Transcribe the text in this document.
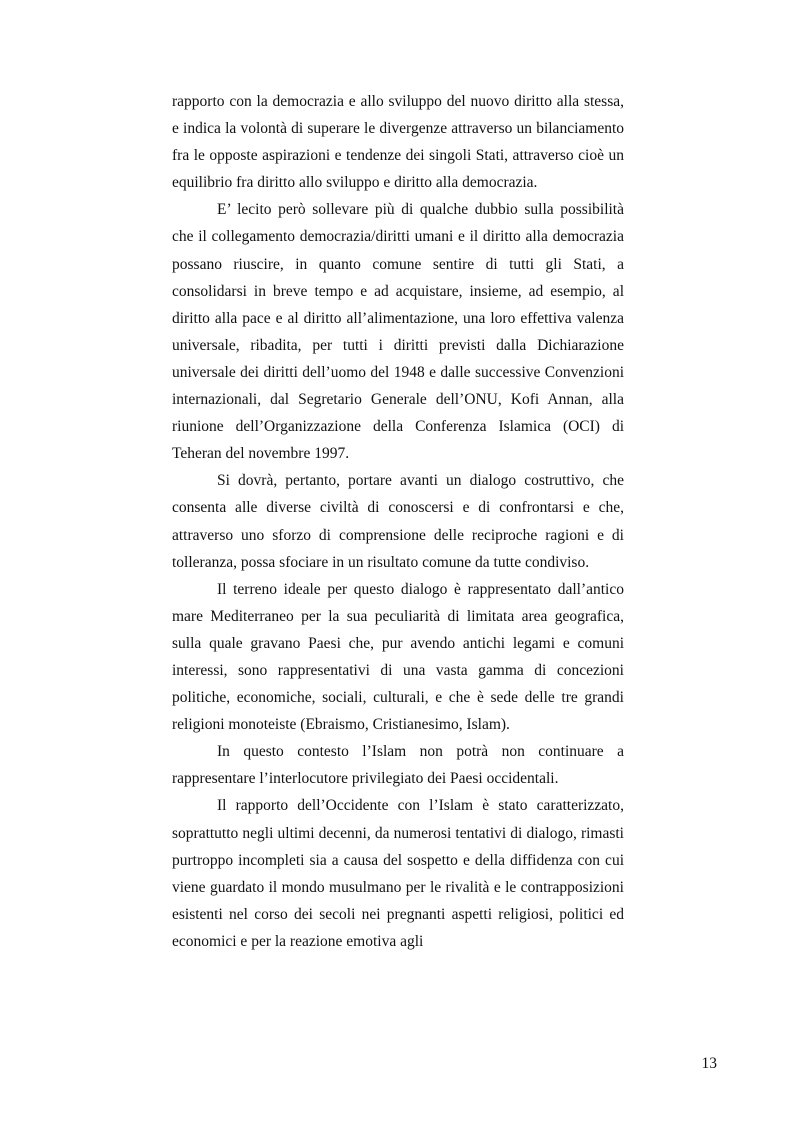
rapporto con la democrazia e allo sviluppo del nuovo diritto alla stessa, e indica la volontà di superare le divergenze attraverso un bilanciamento fra le opposte aspirazioni e tendenze dei singoli Stati, attraverso cioè un equilibrio fra diritto allo sviluppo e diritto alla democrazia.

E’ lecito però sollevare più di qualche dubbio sulla possibilità che il collegamento democrazia/diritti umani e il diritto alla democrazia possano riuscire, in quanto comune sentire di tutti gli Stati, a consolidarsi in breve tempo e ad acquistare, insieme, ad esempio, al diritto alla pace e al diritto all’alimentazione, una loro effettiva valenza universale, ribadita, per tutti i diritti previsti dalla Dichiarazione universale dei diritti dell’uomo del 1948 e dalle successive Convenzioni internazionali, dal Segretario Generale dell’ONU, Kofi Annan, alla riunione dell’Organizzazione della Conferenza Islamica (OCI) di Teheran del novembre 1997.

Si dovrà, pertanto, portare avanti un dialogo costruttivo, che consenta alle diverse civiltà di conoscersi e di confrontarsi e che, attraverso uno sforzo di comprensione delle reciproche ragioni e di tolleranza, possa sfociare in un risultato comune da tutte condiviso.

Il terreno ideale per questo dialogo è rappresentato dall’antico mare Mediterraneo per la sua peculiarità di limitata area geografica, sulla quale gravano Paesi che, pur avendo antichi legami e comuni interessi, sono rappresentativi di una vasta gamma di concezioni politiche, economiche, sociali, culturali, e che è sede delle tre grandi religioni monoteiste (Ebraismo, Cristianesimo, Islam).

In questo contesto l’Islam non potrà non continuare a rappresentare l’interlocutore privilegiato dei Paesi occidentali.

Il rapporto dell’Occidente con l’Islam è stato caratterizzato, soprattutto negli ultimi decenni, da numerosi tentativi di dialogo, rimasti purtroppo incompleti sia a causa del sospetto e della diffidenza con cui viene guardato il mondo musulmano per le rivalità e le contrapposizioni esistenti nel corso dei secoli nei pregnanti aspetti religiosi, politici ed economici e per la reazione emotiva agli

13
